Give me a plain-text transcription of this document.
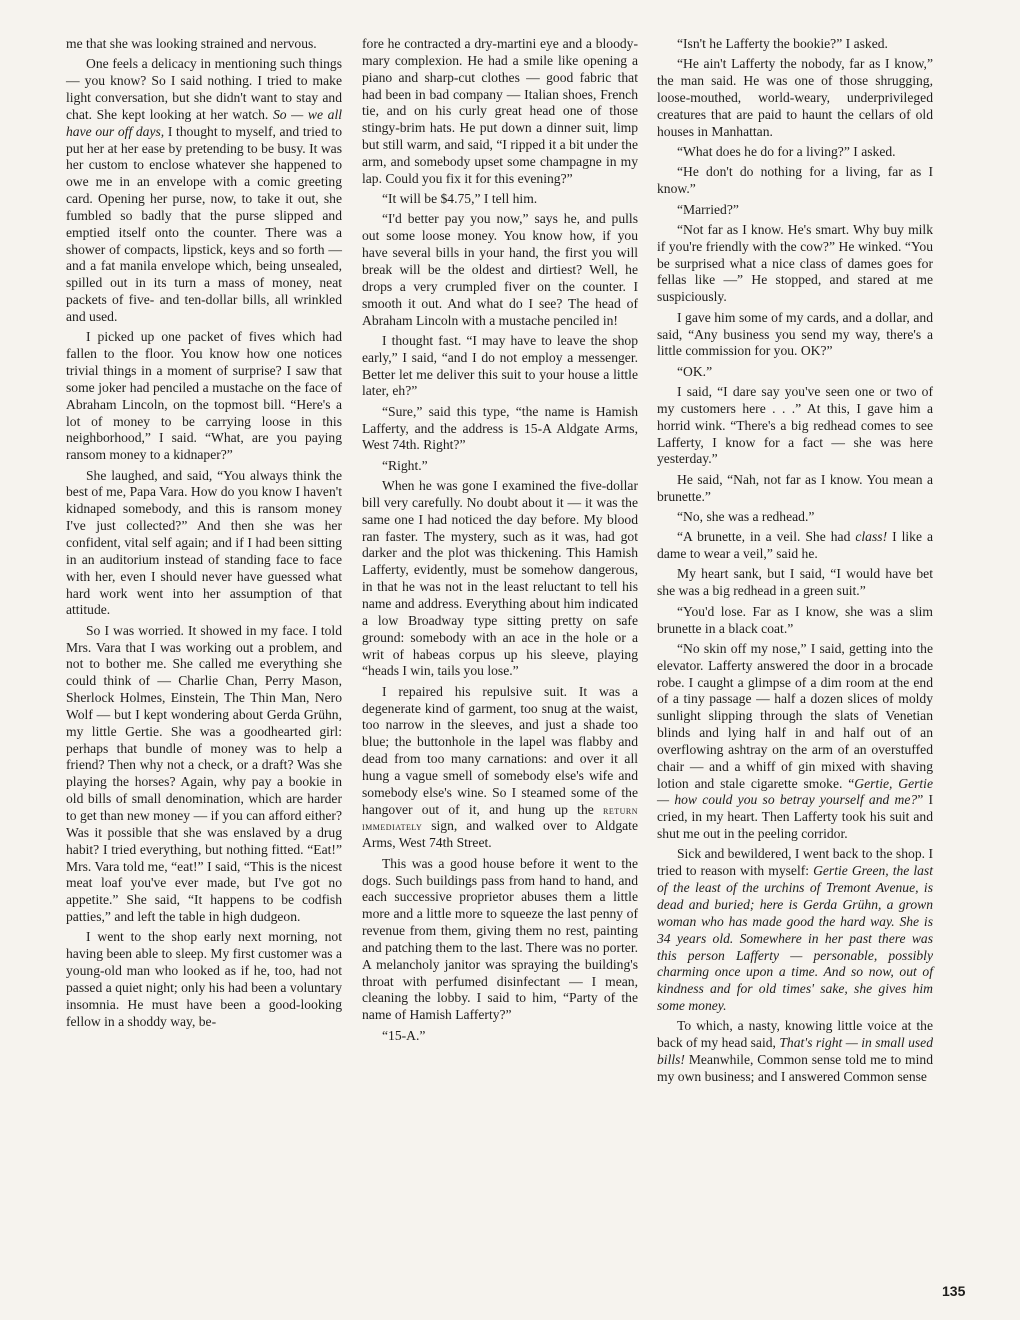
me that she was looking strained and nervous.

One feels a delicacy in mentioning such things — you know? So I said nothing. I tried to make light conversation, but she didn't want to stay and chat. She kept looking at her watch. So — we all have our off days, I thought to myself, and tried to put her at her ease by pretending to be busy. It was her custom to enclose whatever she happened to owe me in an envelope with a comic greeting card. Opening her purse, now, to take it out, she fumbled so badly that the purse slipped and emptied itself onto the counter. There was a shower of compacts, lipstick, keys and so forth — and a fat manila envelope which, being unsealed, spilled out in its turn a mass of money, neat packets of five- and ten-dollar bills, all wrinkled and used.

I picked up one packet of fives which had fallen to the floor. You know how one notices trivial things in a moment of surprise? I saw that some joker had penciled a mustache on the face of Abraham Lincoln, on the topmost bill. “Here's a lot of money to be carrying loose in this neighborhood,” I said. “What, are you paying ransom money to a kidnaper?”

She laughed, and said, “You always think the best of me, Papa Vara. How do you know I haven't kidnaped somebody, and this is ransom money I've just collected?” And then she was her confident, vital self again; and if I had been sitting in an auditorium instead of standing face to face with her, even I should never have guessed what hard work went into her assumption of that attitude.

So I was worried. It showed in my face. I told Mrs. Vara that I was working out a problem, and not to bother me. She called me everything she could think of — Charlie Chan, Perry Mason, Sherlock Holmes, Einstein, The Thin Man, Nero Wolf — but I kept wondering about Gerda Grühn, my little Gertie. She was a goodhearted girl: perhaps that bundle of money was to help a friend? Then why not a check, or a draft? Was she playing the horses? Again, why pay a bookie in old bills of small denomination, which are harder to get than new money — if you can afford either? Was it possible that she was enslaved by a drug habit? I tried everything, but nothing fitted. “Eat!” Mrs. Vara told me, “eat!” I said, “This is the nicest meat loaf you've ever made, but I've got no appetite.” She said, “It happens to be codfish patties,” and left the table in high dudgeon.

I went to the shop early next morning, not having been able to sleep. My first customer was a young-old man who looked as if he, too, had not passed a quiet night; only his had been a voluntary insomnia. He must have been a good-looking fellow in a shoddy way, be-

fore he contracted a dry-martini eye and a bloody-mary complexion. He had a smile like opening a piano and sharp-cut clothes — good fabric that had been in bad company — Italian shoes, French tie, and on his curly great head one of those stingy-brim hats. He put down a dinner suit, limp but still warm, and said, “I ripped it a bit under the arm, and somebody upset some champagne in my lap. Could you fix it for this evening?”

“It will be $4.75,” I tell him.

“I'd better pay you now,” says he, and pulls out some loose money. You know how, if you have several bills in your hand, the first you will break will be the oldest and dirtiest? Well, he drops a very crumpled fiver on the counter. I smooth it out. And what do I see? The head of Abraham Lincoln with a mustache penciled in!

I thought fast. “I may have to leave the shop early,” I said, “and I do not employ a messenger. Better let me deliver this suit to your house a little later, eh?”

“Sure,” said this type, “the name is Hamish Lafferty, and the address is 15-A Aldgate Arms, West 74th. Right?”

“Right.”

When he was gone I examined the five-dollar bill very carefully. No doubt about it — it was the same one I had noticed the day before. My blood ran faster. The mystery, such as it was, had got darker and the plot was thickening. This Hamish Lafferty, evidently, must be somehow dangerous, in that he was not in the least reluctant to tell his name and address. Everything about him indicated a low Broadway type sitting pretty on safe ground: somebody with an ace in the hole or a writ of habeas corpus up his sleeve, playing “heads I win, tails you lose.”

I repaired his repulsive suit. It was a degenerate kind of garment, too snug at the waist, too narrow in the sleeves, and just a shade too blue; the buttonhole in the lapel was flabby and dead from too many carnations: and over it all hung a vague smell of somebody else's wife and somebody else's wine. So I steamed some of the hangover out of it, and hung up the return immediately sign, and walked over to Aldgate Arms, West 74th Street.

This was a good house before it went to the dogs. Such buildings pass from hand to hand, and each successive proprietor abuses them a little more and a little more to squeeze the last penny of revenue from them, giving them no rest, painting and patching them to the last. There was no porter. A melancholy janitor was spraying the building's throat with perfumed disinfectant — I mean, cleaning the lobby. I said to him, “Party of the name of Hamish Lafferty?”

“15-A.”

“Isn't he Lafferty the bookie?” I asked.

“He ain't Lafferty the nobody, far as I know,” the man said. He was one of those shrugging, loose-mouthed, world-weary, underprivileged creatures that are paid to haunt the cellars of old houses in Manhattan.

“What does he do for a living?” I asked.

“He don't do nothing for a living, far as I know.”

“Married?”

“Not far as I know. He's smart. Why buy milk if you're friendly with the cow?” He winked. “You be surprised what a nice class of dames goes for fellas like —” He stopped, and stared at me suspiciously.

I gave him some of my cards, and a dollar, and said, “Any business you send my way, there's a little commission for you. OK?”

“OK.”

I said, “I dare say you've seen one or two of my customers here . . .” At this, I gave him a horrid wink. “There's a big redhead comes to see Lafferty, I know for a fact — she was here yesterday.”

He said, “Nah, not far as I know. You mean a brunette.”

“No, she was a redhead.”

“A brunette, in a veil. She had class! I like a dame to wear a veil,” said he.

My heart sank, but I said, “I would have bet she was a big redhead in a green suit.”

“You'd lose. Far as I know, she was a slim brunette in a black coat.”

“No skin off my nose,” I said, getting into the elevator. Lafferty answered the door in a brocade robe. I caught a glimpse of a dim room at the end of a tiny passage — half a dozen slices of moldy sunlight slipping through the slats of Venetian blinds and lying half in and half out of an overflowing ashtray on the arm of an overstuffed chair — and a whiff of gin mixed with shaving lotion and stale cigarette smoke. “Gertie, Gertie — how could you so betray yourself and me?” I cried, in my heart. Then Lafferty took his suit and shut me out in the peeling corridor.

Sick and bewildered, I went back to the shop. I tried to reason with myself: Gertie Green, the last of the least of the urchins of Tremont Avenue, is dead and buried; here is Gerda Grühn, a grown woman who has made good the hard way. She is 34 years old. Somewhere in her past there was this person Lafferty — personable, possibly charming once upon a time. And so now, out of kindness and for old times' sake, she gives him some money.

To which, a nasty, knowing little voice at the back of my head said, That's right — in small used bills! Meanwhile, Common sense told me to mind my own business; and I answered Common sense

135
